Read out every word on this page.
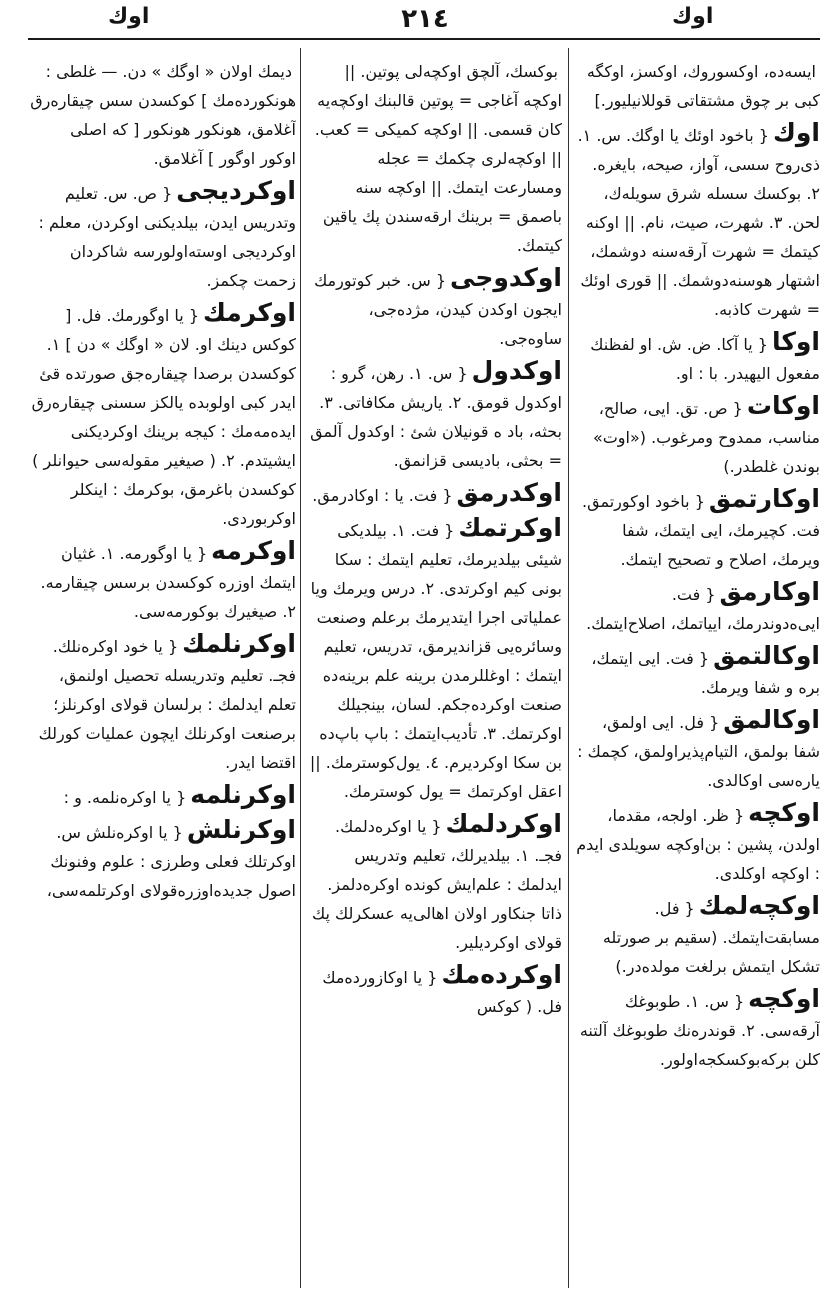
اوك	٢١٤	اوك

ايسه‌ده، اوكسوروك، اوكسز، اوكگه كبى بر چوق مشتقاتى قوللانيليور.]

اوك{ باخود اوئك يا اوگك. س. ١. ذى‌روح سسى، آواز، صيحه، بايغره. ٢. بوكسك سسله شرق سويله‌ك، لحن. ٣. شهرت، صيت، نام. || اوكنه كيتمك = شهرت آرقه‌سنه دوشمك، اشتهار هوسنه‌دوشمك. || قورى اوئك = شهرت كاذبه.

اوكا{ يا آكا. ض. ش. او لفظنك مفعول اليهيدر. با : او.

اوكات{ ص. تق. ايى، صالح، مناسب، ممدوح ومرغوب. («اوت» بوندن غلطدر.)

اوكارتمق{ باخود اوكورتمق. فت. كچيرمك، ايى ايتمك، شفا ويرمك، اصلاح و تصحيح ايتمك.

اوكارمق{ فت. ايى‌ه‌دوندرمك، ايياتمك، اصلاح‌ايتمك.

اوكالتمق{ فت. ايى ايتمك، بره و شفا ويرمك.

اوكالمق{ فل. ايى اولمق، شفا بولمق، التيام‌پذيراولمق، كچمك : ياره‌سى اوكالدى.

اوكچه{ ظر. اولجه، مقدما، اولدن، پشين : بن‌اوكچه سويلدى ايدم : اوكچه اوكلدى.

اوكچه‌لمك{ فل. مسابقت‌ايتمك. (سقيم بر صورتله تشكل ايتمش برلغت مولده‌در.)

اوكچه{ س. ١. طوبوغك آرقه‌سى. ٢. قوندره‌نك طوبوغك آلتنه كلن بركه‌بوكسكجه‌اولور.

بوكسك، آلچق اوكچه‌لى پوتين. || اوكچه آغاجى = پوتين قالبنك اوكچه‌يه كان قسمى. || اوكچه كميكى = كعب. || اوكچه‌لرى چكمك = عجله ومسارعت ايتمك. || اوكچه سنه باصمق = برينك ارقه‌سندن پك ياقين كيتمك.

اوكدوجى{ س. خبر كوتورمك ايجون اوكدن كيدن، مژده‌جى، ساوه‌جى.

اوكدول{ س. ١. رهن، گرو : اوكدول قومق. ٢. ياريش مكافاتى. ٣. بحثه، باد ه قونيلان شئ : اوكدول آلمق = بحثى، باديسى قزانمق.

اوكدرمق{ فت. يا : اوكادرمق.

اوكرتمك{ فت. ١. بيلديكى شيئى بيلديرمك، تعليم ايتمك : سكا بونى كيم اوكرتدى. ٢. درس ويرمك ويا عملياتى اجرا ايتديرمك برعلم وصنعت وسائره‌يى قزانديرمق، تدريس، تعليم ايتمك : اوغللرمدن برينه علم برينه‌ده صنعت اوكرده‌جكم. لسان، بينجيلك اوكرتمك. ٣. تأديب‌ايتمك : باپ باپ‌ده بن سكا اوكرديرم. ٤. يول‌كوسترمك. || اعقل اوكرتمك = يول كوسترمك.

اوكردلمك{ يا اوكره‌دلمك. فجـ. ١. بيلديرلك، تعليم وتدريس ايدلمك : علم‌ايش كونده اوكره‌دلمز. ذاتا جنكاور اولان اهالى‌يه عسكرلك پك قولاى اوكرديلير.

اوكرده‌مك{ يا اوكازورده‌مك فل. ( كوكس

ديمك اولان « اوگك » دن. — غلطى : هونكورده‌مك ] كوكسدن سس چيقاره‌رق آغلامق، هونكور هونكور [ كه اصلى اوكور اوگور ] آغلامق.

اوكرديجى{ ص. س. تعليم وتدريس ايدن، بيلديكنى اوكردن، معلم : اوكرديجى اوسته‌اولورسه شاكردان زحمت چكمز.

اوكرمك{ يا اوگورمك. فل. [ كوكس دينك او. لان « اوگك » دن ] ١. كوكسدن برصدا چيقاره‌جق صورتده قئ ايدر كبى اولوبده يالكز سسنى چيقاره‌رق ايده‌مه‌مك : كيجه برينك اوكرديكنى ايشيتدم. ٢. ( صيغير مقوله‌سى حيوانلر ) كوكسدن باغرمق، بوكرمك : اينكلر اوكربوردى.

اوكرمه{ يا اوگورمه. ١. غثيان ايتمك اوزره كوكسدن برسس چيقارمه. ٢. صيغيرك بوكورمه‌سى.

اوكرنلمك{ يا خود اوكره‌نلك. فجـ. تعليم وتدريسله تحصيل اولنمق، تعلم ايدلمك : برلسان قولاى اوكرنلز؛ برصنعت اوكرنلك ايچون عمليات كورلك اقتضا ايدر.

اوكرنلمه{ يا اوكره‌نلمه. و :

اوكرنلش{ يا اوكره‌نلش س. اوكرتلك فعلى وطرزى : علوم وفنونك اصول جديده‌اوزره‌قولاى اوكرتلمه‌سى،
